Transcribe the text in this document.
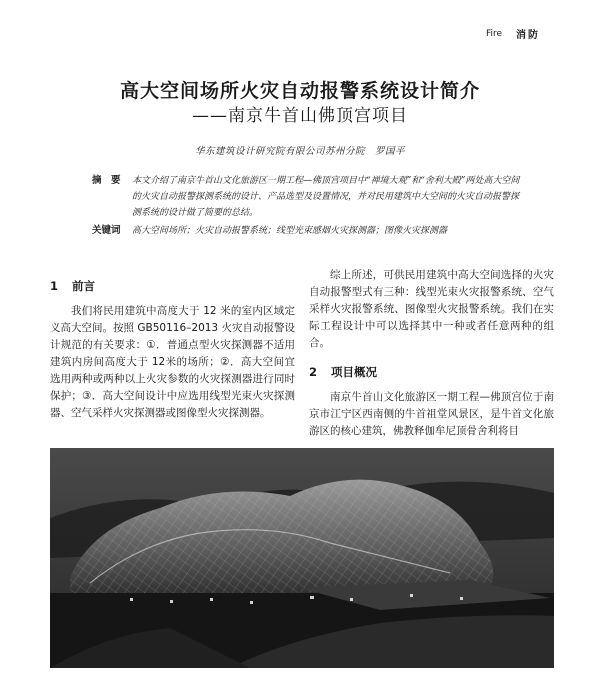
Fire 消防
高大空间场所火灾自动报警系统设计简介
——南京牛首山佛顶宫项目
华东建筑设计研究院有限公司苏州分院　罗国平
摘　要	本文介绍了南京牛首山文化旅游区一期工程—佛顶宫项目中“禅境大观”和“舍利大殿”两处高大空间的火灾自动报警探测系统的设计、产品选型及设置情况，并对民用建筑中大空间的火灾自动报警探测系统的设计做了简要的总结。
关键词	高大空间场所；火灾自动报警系统；线型光束感烟火灾探测器；图像火灾探测器
1 前言

我们将民用建筑中高度大于 12 米的室内区域定义高大空间。按照 GB50116–2013 火灾自动报警设计规范的有关要求：①．普通点型火灾探测器不适用建筑内房间高度大于 12米的场所；②．高大空间宜选用两种或两种以上火灾参数的火灾探测器进行同时保护；③．高大空间设计中应选用线型光束火灾探测器、空气采样火灾探测器或图像型火灾探测器。

综上所述，可供民用建筑中高大空间选择的火灾自动报警型式有三种：线型光束火灾报警系统、空气采样火灾报警系统、图像型火灾报警系统。我们在实际工程设计中可以选择其中一种或者任意两种的组合。

2 项目概况

南京牛首山文化旅游区一期工程—佛顶宫位于南京市江宁区西南侧的牛首祖堂风景区，是牛首文化旅游区的核心建筑，佛教释伽牟尼顶骨舍利将目
